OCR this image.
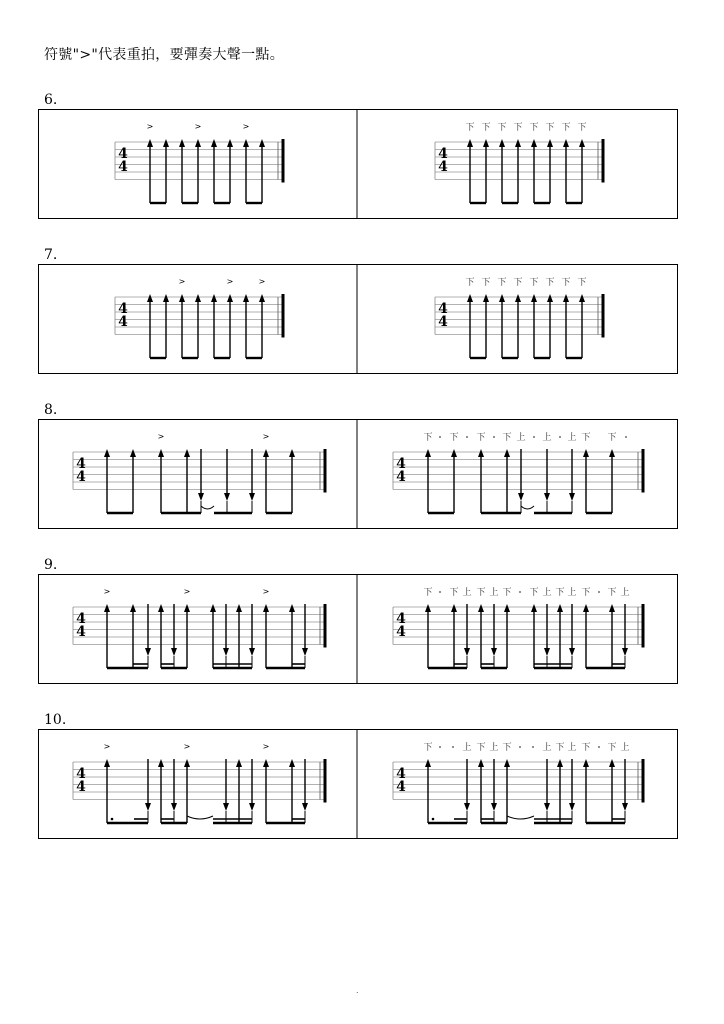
符號">"代表重拍，要彈奏大聲一點。
6.
4
4
>	>	>
4
4
下 下 下 下 下 下 下 下
7.
4
4
>	>	>
4
4
下 下 下 下 下 下 下 下
8.
4
4
>	>
4
4
下 下 下 下 上 上 上 下 下
9.
4
4
>	>	>
4
4
下 下 上 下 上 下 下 上 下 上 下 下 上
10.
4
4
>	>	>
4
4
下	上 下 上 下	上 下 上 下 下 上
.
